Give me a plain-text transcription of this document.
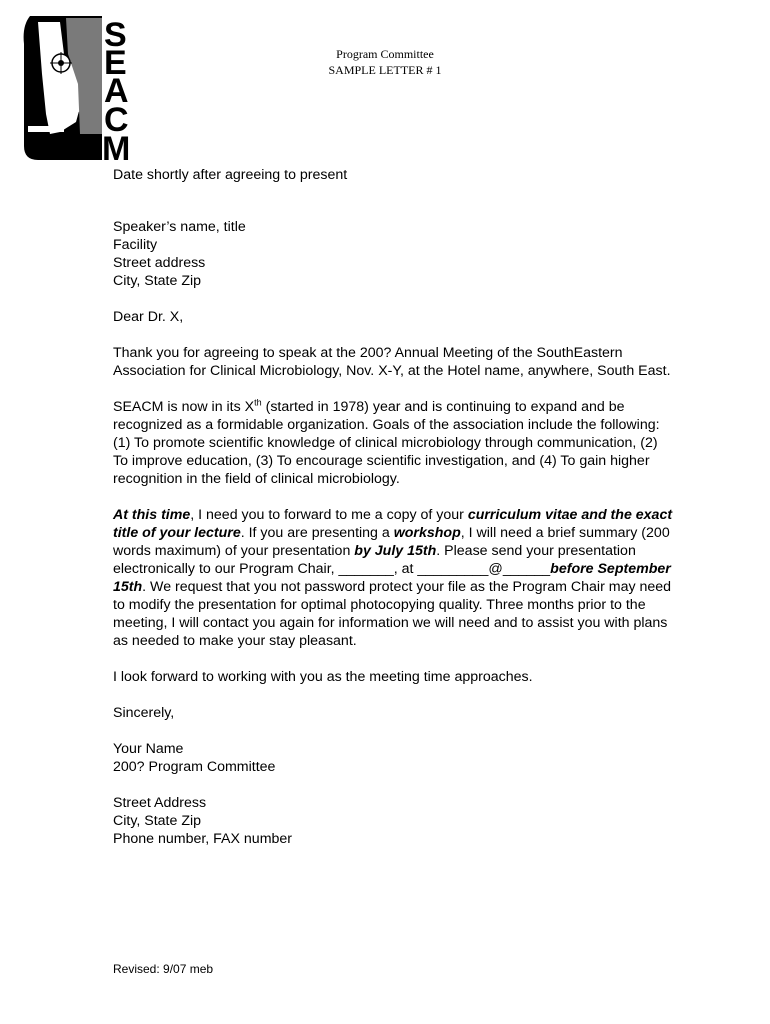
S
E
A
C
M
Program Committee
SAMPLE LETTER # 1

Date shortly after agreeing to present

Speaker’s name, title

Facility

Street address

City, State Zip

Dear Dr. X,

Thank you for agreeing to speak at the 200? Annual Meeting of the SouthEastern Association for Clinical Microbiology, Nov. X-Y, at the Hotel name, anywhere, South East.

SEACM is now in its Xth (started in 1978) year and is continuing to expand and be recognized as a formidable organization. Goals of the association include the following: (1) To promote scientific knowledge of clinical microbiology through communication, (2) To improve education, (3) To encourage scientific investigation, and (4) To gain higher recognition in the field of clinical microbiology.

At this time, I need you to forward to me a copy of your curriculum vitae and the exact title of your lecture. If you are presenting a workshop, I will need a brief summary (200 words maximum) of your presentation by July 15th. Please send your presentation electronically to our Program Chair, _______, at _________@______before September 15th. We request that you not password protect your file as the Program Chair may need to modify the presentation for optimal photocopying quality. Three months prior to the meeting, I will contact you again for information we will need and to assist you with plans as needed to make your stay pleasant.

I look forward to working with you as the meeting time approaches.

Sincerely,

Your Name

200? Program Committee

Street Address

City, State Zip

Phone number, FAX number

Revised: 9/07 meb
